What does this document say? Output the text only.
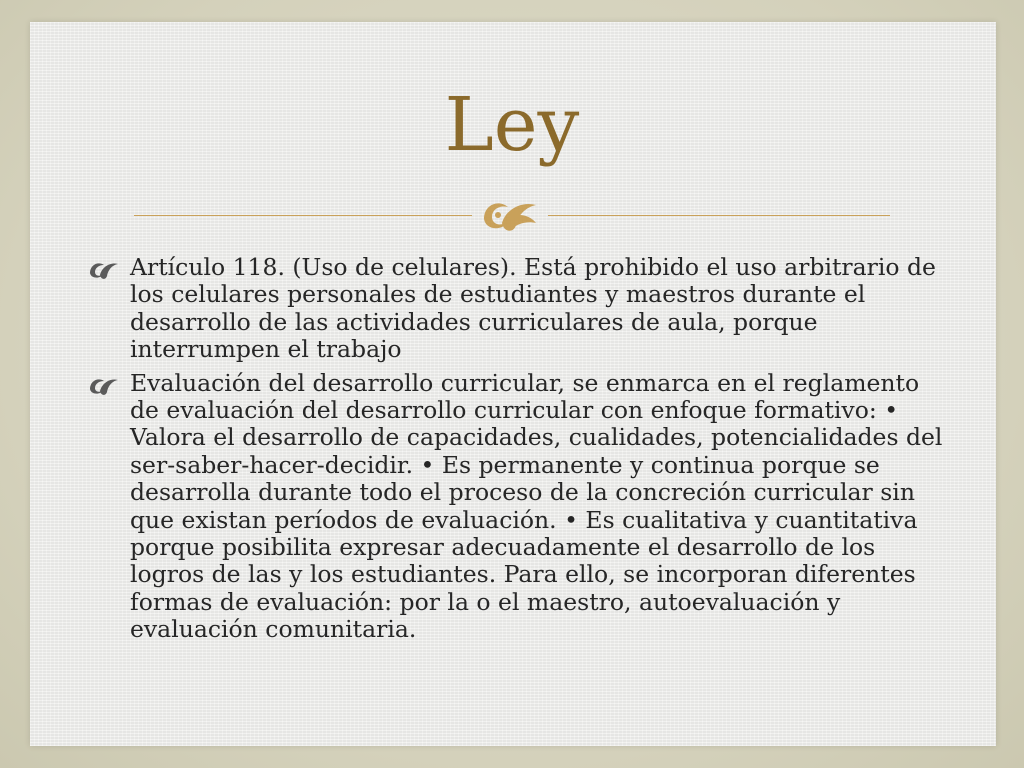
Ley
Artículo 118. (Uso de celulares). Está prohibido el uso arbitrario de los celulares personales de estudiantes y maestros durante el desarrollo de las actividades curriculares de aula, porque interrumpen el trabajo
Evaluación del desarrollo curricular, se enmarca en el reglamento de evaluación del desarrollo curricular con enfoque formativo: • Valora el desarrollo de capacidades, cualidades, potencialidades del ser-saber-hacer-decidir. • Es permanente y continua porque se desarrolla durante todo el proceso de la concreción curricular sin que existan períodos de evaluación. • Es cualitativa y cuantitativa porque posibilita expresar adecuadamente el desarrollo de los logros de las y los estudiantes. Para ello, se incorporan diferentes formas de evaluación: por la o el maestro, autoevaluación y evaluación comunitaria.
